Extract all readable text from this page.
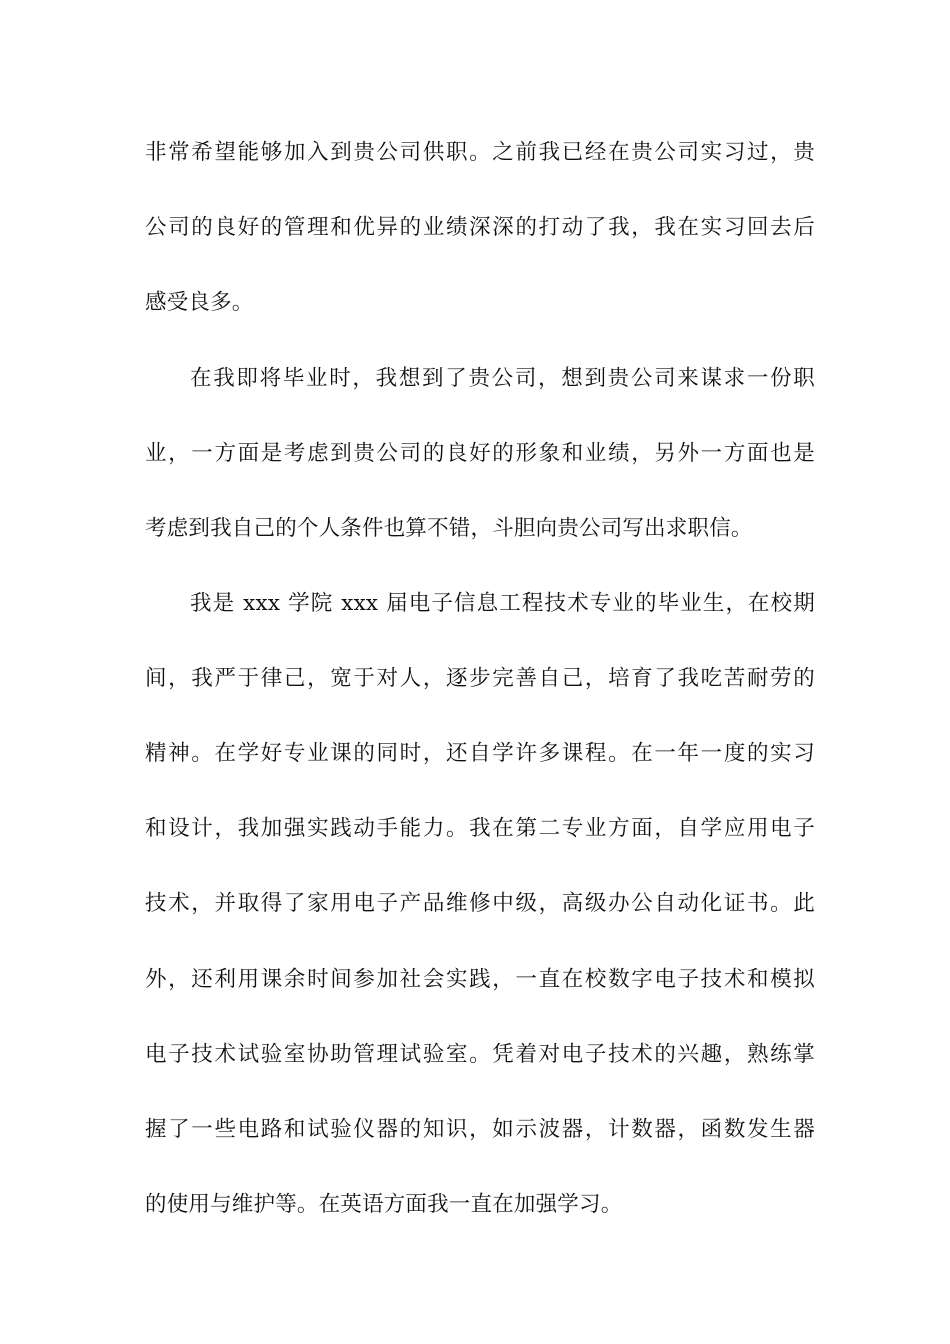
非常希望能够加入到贵公司供职。之前我已经在贵公司实习过，贵
公司的良好的管理和优异的业绩深深的打动了我，我在实习回去后
感受良多。
在我即将毕业时，我想到了贵公司，想到贵公司来谋求一份职
业，一方面是考虑到贵公司的良好的形象和业绩，另外一方面也是
考虑到我自己的个人条件也算不错，斗胆向贵公司写出求职信。
我是 xxx 学院 xxx 届电子信息工程技术专业的毕业生，在校期
间，我严于律己，宽于对人，逐步完善自己，培育了我吃苦耐劳的
精神。在学好专业课的同时，还自学许多课程。在一年一度的实习
和设计，我加强实践动手能力。我在第二专业方面，自学应用电子
技术，并取得了家用电子产品维修中级，高级办公自动化证书。此
外，还利用课余时间参加社会实践，一直在校数字电子技术和模拟
电子技术试验室协助管理试验室。凭着对电子技术的兴趣，熟练掌
握了一些电路和试验仪器的知识，如示波器，计数器，函数发生器
的使用与维护等。在英语方面我一直在加强学习。
